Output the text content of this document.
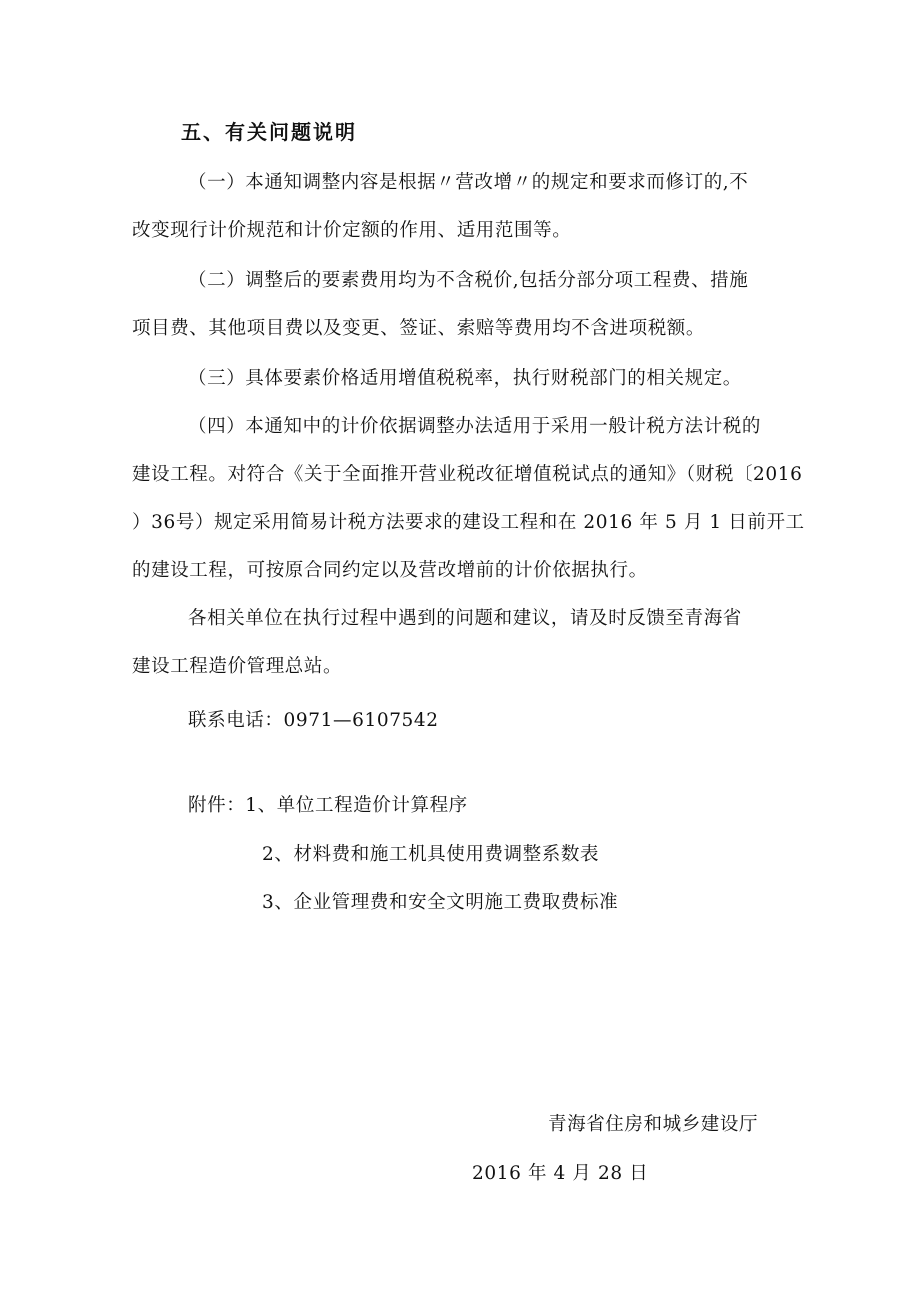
五、有关问题说明
（一）本通知调整内容是根据〃营改增〃的规定和要求而修订的,不
改变现行计价规范和计价定额的作用、适用范围等。
（二）调整后的要素费用均为不含税价,包括分部分项工程费、措施
项目费、其他项目费以及变更、签证、索赔等费用均不含进项税额。
（三）具体要素价格适用增值税税率，执行财税部门的相关规定。
（四）本通知中的计价依据调整办法适用于采用一般计税方法计税的
建设工程。对符合《关于全面推开营业税改征增值税试点的通知》（财税〔2016
）36号）规定采用简易计税方法要求的建设工程和在 2016 年 5 月 1 日前开工
的建设工程，可按原合同约定以及营改增前的计价依据执行。
各相关单位在执行过程中遇到的问题和建议，请及时反馈至青海省
建设工程造价管理总站。
联系电话：0971—6107542
附件：1、单位工程造价计算程序
2、材料费和施工机具使用费调整系数表
3、企业管理费和安全文明施工费取费标准
青海省住房和城乡建设厅
2016 年 4 月 28 日
